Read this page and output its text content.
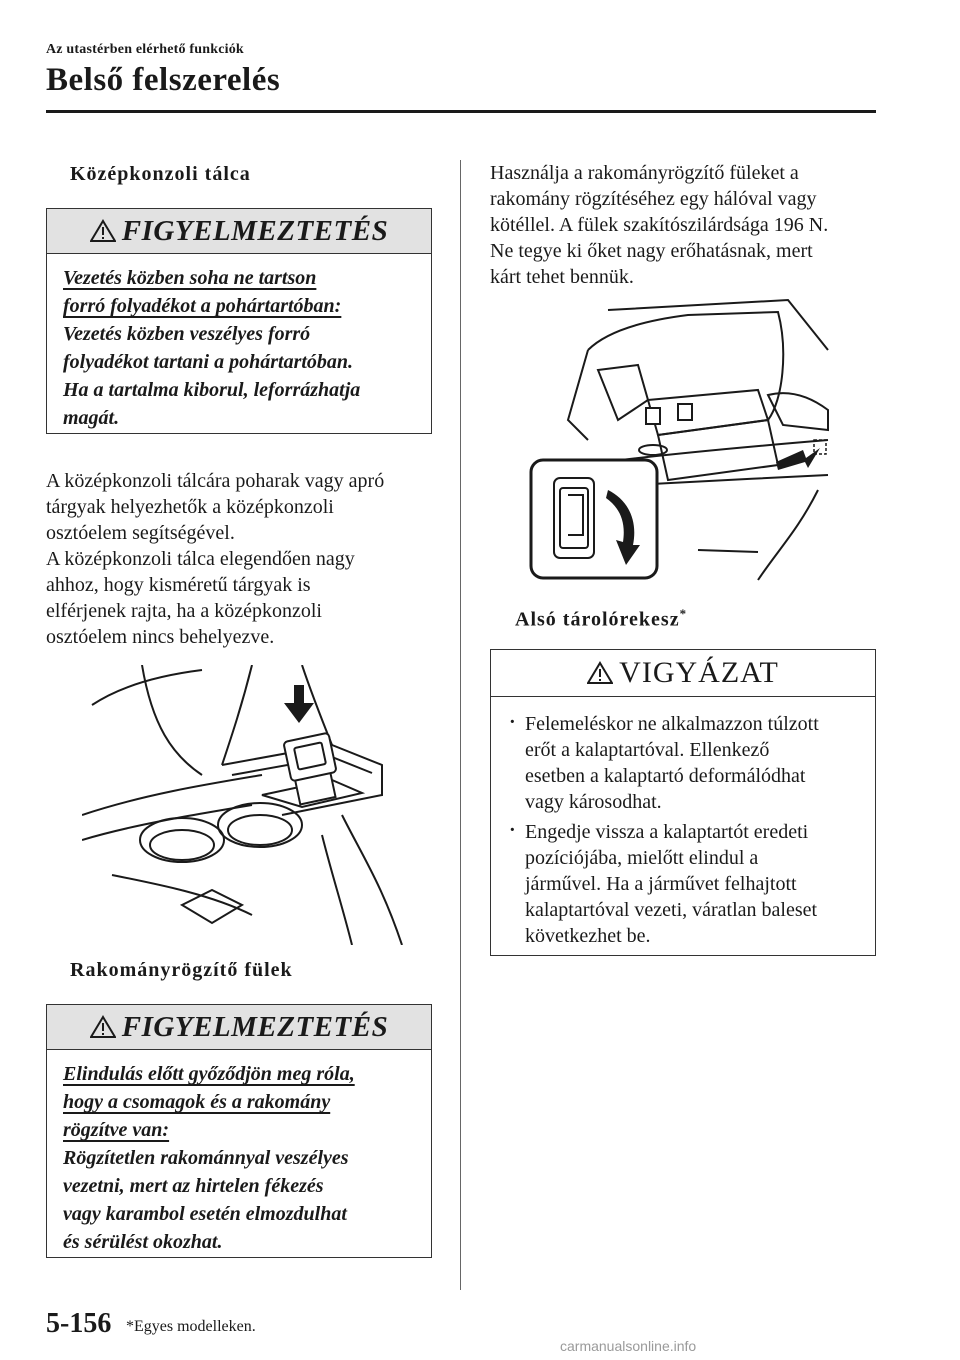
Az utastérben elérhető funkciók
Belső felszerelés
Középkonzoli tálca
FIGYELMEZTETÉS

Vezetés közben soha ne tartson

forró folyadékot a pohártartóban:

Vezetés közben veszélyes forró

folyadékot tartani a pohártartóban.

Ha a tartalma kiborul, leforrázhatja

magát.

A középkonzoli tálcára poharak vagy apró

tárgyak helyezhetők a középkonzoli

osztóelem segítségével.

A középkonzoli tálca elegendően nagy

ahhoz, hogy kisméretű tárgyak is

elférjenek rajta, ha a középkonzoli

osztóelem nincs behelyezve.

Rakományrögzítő fülek
FIGYELMEZTETÉS

Elindulás előtt győződjön meg róla,

hogy a csomagok és a rakomány

rögzítve van:

Rögzítetlen rakománnyal veszélyes

vezetni, mert az hirtelen fékezés

vagy karambol esetén elmozdulhat

és sérülést okozhat.

Használja a rakományrögzítő füleket a

rakomány rögzítéséhez egy hálóval vagy

kötéllel. A fülek szakítószilárdsága 196 N.

Ne tegye ki őket nagy erőhatásnak, mert

kárt tehet bennük.

Alsó tárolórekesz*
VIGYÁZAT
· Felemeléskor ne alkalmazzon túlzott
erőt a kalaptartóval. Ellenkező
esetben a kalaptartó deformálódhat
vagy károsodhat.
· Engedje vissza a kalaptartót eredeti
pozíciójába, mielőtt elindul a
járművel. Ha a járművet felhajtott
kalaptartóval vezeti, váratlan baleset
következhet be.
5-156 *Egyes modelleken.
carmanualsonline.info
